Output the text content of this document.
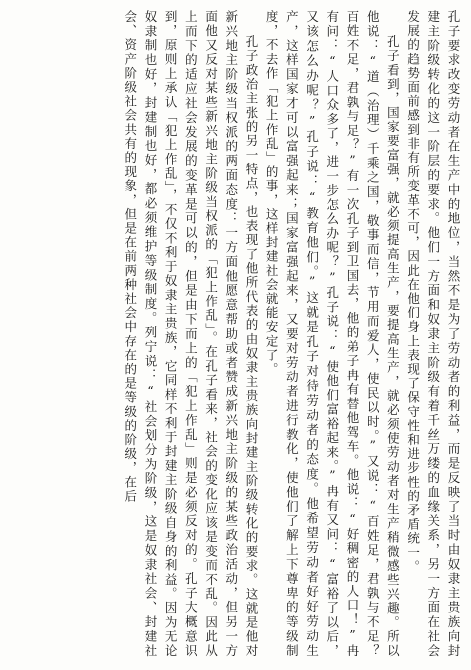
孔子要求改变劳动者在生产中的地位，当然不是为了劳动者的利益，而是反映了当时由奴隶主贵族向封建主阶级转化的这一阶层的要求。他们一方面和奴隶主阶级有着千丝万缕的血缘关系，另一方面在社会发展的趋势面前感到非有所变革不可，因此在他们身上表现了保守性和进步性的矛盾统一。

孔子看到，国家要富强，就必须提高生产，要提高生产，就必须使劳动者对生产稍微感些兴趣。所以他说：“道（治理）千乘之国，敬事而信，节用而爱人，使民以时。”又说：“百姓足，君孰与不足？百姓不足，君孰与足？”有一次孔子到卫国去，他的弟子冉有替他驾车。他说：“好稠密的人口！”冉有问：“人口众多了，进一步怎么办呢？”孔子说：“使他们富裕起来。”冉有又问：“富裕了以后，又该怎么办呢？”孔子说：“教育他们。”这就是孔子对待劳动者的态度。他希望劳动者好好劳动生产，这样国家才可以富强起来；国家富强起来，又要对劳动者进行教化，使他们了解上下尊卑的等级制度，不去作「犯上作乱」的事，这样封建社会就能安定了。

孔子政治主张的另一特点，也表现了他所代表的由奴隶主贵族向封建主阶级转化的要求。这就是他对新兴地主阶级当权派的两面态度：一方面他愿意帮助或者赞成新兴地主阶级的某些政治活动，但另一方面他又反对某些新兴地主阶级当权派的「犯上作乱」。在孔子看来，社会的变化应该是变而不乱。因此从上而下的适应社会发展的变革是可以的，但是由下而上的「犯上作乱」则是必须反对的。孔子大概意识到，原则上承认「犯上作乱」，不仅不利于奴隶主贵族，它同样不利于封建主阶级自身的利益。因为无论奴隶制也好，封建制也好，都必须维护等级制度。列宁说：“社会划分为阶级，这是奴隶社会、封建社会、资产阶级社会共有的现象，但是在前两种社会中存在的是等级的阶级，在后
